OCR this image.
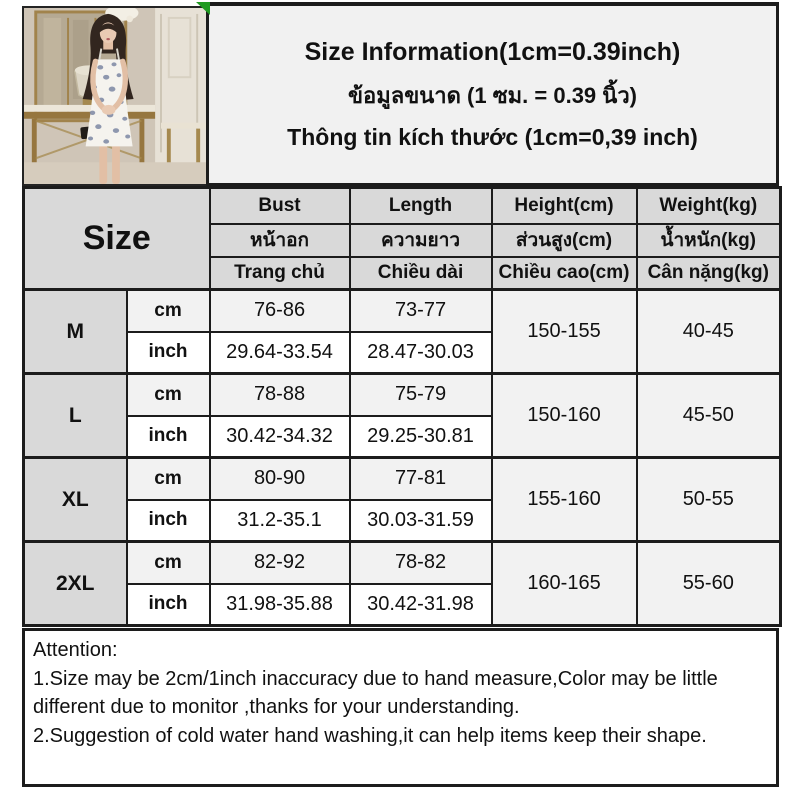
Size Information(1cm=0.39inch)
ข้อมูลขนาด (1 ซม. = 0.39 นิ้ว)
Thông tin kích thước (1cm=0,39 inch)
Size		Bust	Length	Height(cm)	Weight(kg)
		หน้าอก	ความยาว	ส่วนสูง(cm)	น้ำหนัก(kg)
		Trang chủ	Chiều dài	Chiều cao(cm)	Cân nặng(kg)
M	cm	76-86	73-77	150-155	40-45
	inch	29.64-33.54	28.47-30.03		
L	cm	78-88	75-79	150-160	45-50
	inch	30.42-34.32	29.25-30.81		
XL	cm	80-90	77-81	155-160	50-55
	inch	31.2-35.1	30.03-31.59		
2XL	cm	82-92	78-82	160-165	55-60
	inch	31.98-35.88	30.42-31.98		

Attention:

1.Size may be 2cm/1inch inaccuracy due to hand measure,Color may be little different due to monitor ,thanks for your understanding.

2.Suggestion of cold water hand washing,it can help items keep their shape.
